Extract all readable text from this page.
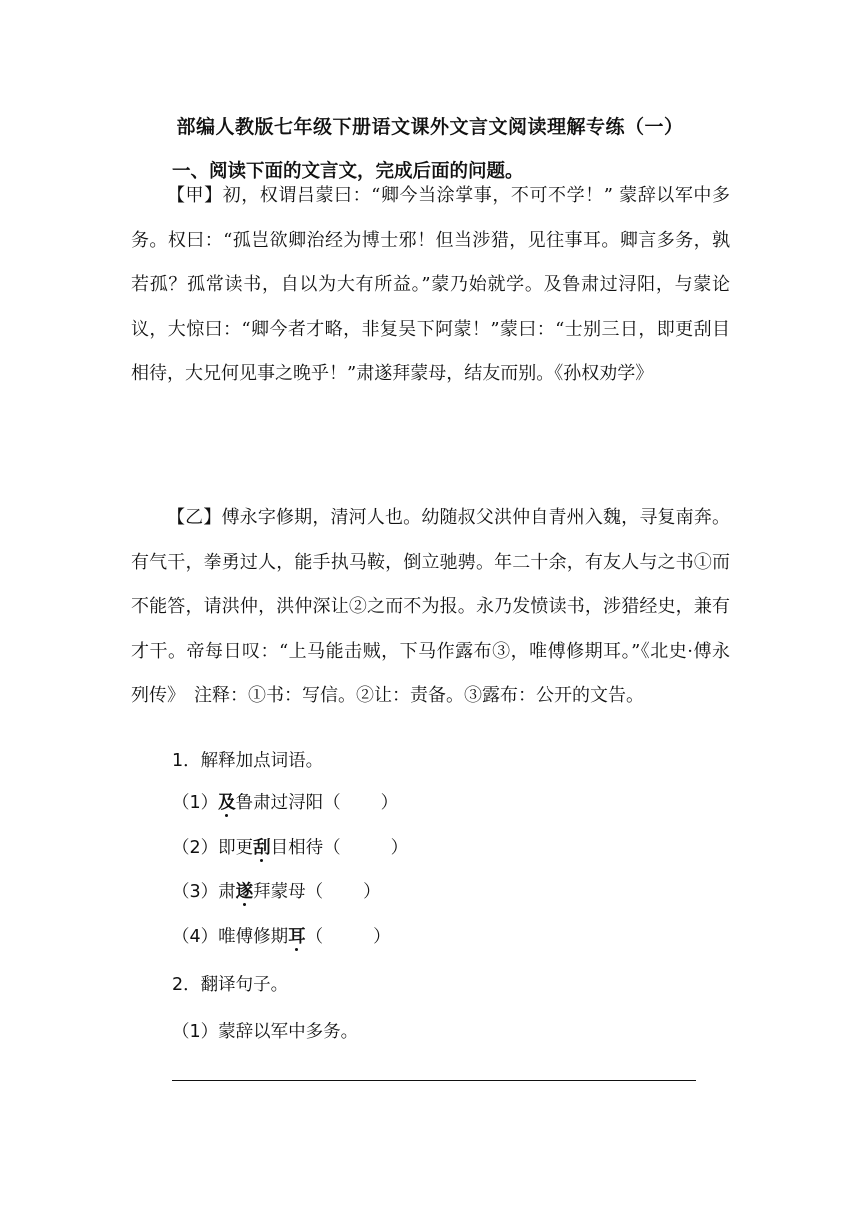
部编人教版七年级下册语文课外文言文阅读理解专练（一）
一、阅读下面的文言文，完成后面的问题。

【甲】初，权谓吕蒙曰：“卿今当涂掌事，不可不学！” 蒙辞以军中多务。权曰：“孤岂欲卿治经为博士邪！但当涉猎，见往事耳。卿言多务，孰若孤？孤常读书，自以为大有所益。”蒙乃始就学。及鲁肃过浔阳，与蒙论议，大惊曰：“卿今者才略，非复吴下阿蒙！”蒙曰：“士别三日，即更刮目相待，大兄何见事之晚乎！”肃遂拜蒙母，结友而别。《孙权劝学》

【乙】傅永字修期，清河人也。幼随叔父洪仲自青州入魏，寻复南奔。有气干，拳勇过人，能手执马鞍，倒立驰骋。年二十余，有友人与之书①而不能答，请洪仲，洪仲深让②之而不为报。永乃发愤读书，涉猎经史，兼有才干。帝每日叹：“上马能击贼，下马作露布③，唯傅修期耳。”《北史·傅永列传》　注释：①书：写信。②让：责备。③露布：公开的文告。

1．解释加点词语。
（1）及鲁肃过浔阳（ ）
（2）即更刮目相待（	）
（3）肃遂拜蒙母（ ）
（4）唯傅修期耳（	）
2．翻译句子。
（1）蒙辞以军中多务。
